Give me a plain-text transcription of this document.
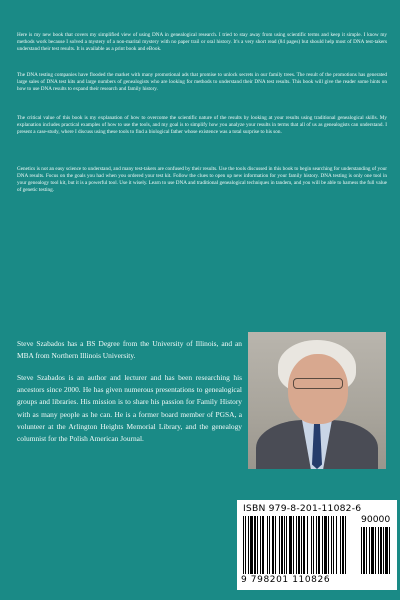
Here is my new book that covers my simplified view of using DNA in genealogical research. I tried to stay away from using scientific terms and keep it simple. I know my methods work because I solved a mystery of a non-marital mystery with no paper trail or oral history. It's a very short read (84 pages) but should help most of DNA test-takers understand their test results. It is available as a print book and eBook.

The DNA testing companies have flooded the market with many promotional ads that promise to unlock secrets in our family trees. The result of the promotions has generated large sales of DNA test kits and large numbers of genealogists who are looking for methods to understand their DNA test results. This book will give the reader some hints on how to use DNA results to expand their research and family history.

The critical value of this book is my explanation of how to overcome the scientific nature of the results by looking at your results using traditional genealogical skills. My explanation includes practical examples of how to use the tools, and my goal is to simplify how you analyze your results in terms that all of us as genealogists can understand. I present a case-study, where I discuss using these tools to find a biological father whose existence was a total surprise to his son.

Genetics is not an easy science to understand, and many test-takers are confused by their results. Use the tools discussed in this book to begin searching for understanding of your DNA results. Focus on the goals you had when you ordered your test kit. Follow the clues to open up new information for your family history. DNA testing is only one tool in your genealogy tool kit, but it is a powerful tool. Use it wisely. Learn to use DNA and traditional genealogical techniques in tandem, and you will be able to harness the full value of genetic testing.

Steve Szabados has a BS Degree from the University of Illinois, and an MBA from Northern Illinois University.

Steve Szabados is an author and lecturer and has been researching his ancestors since 2000. He has given numerous presentations to genealogical groups and libraries. His mission is to share his passion for Family History with as many people as he can. He is a former board member of PGSA, a volunteer at the Arlington Heights Memorial Library, and the genealogy columnist for the Polish American Journal.

ISBN 979-8-201-11082-6
90000
9 798201 110826
